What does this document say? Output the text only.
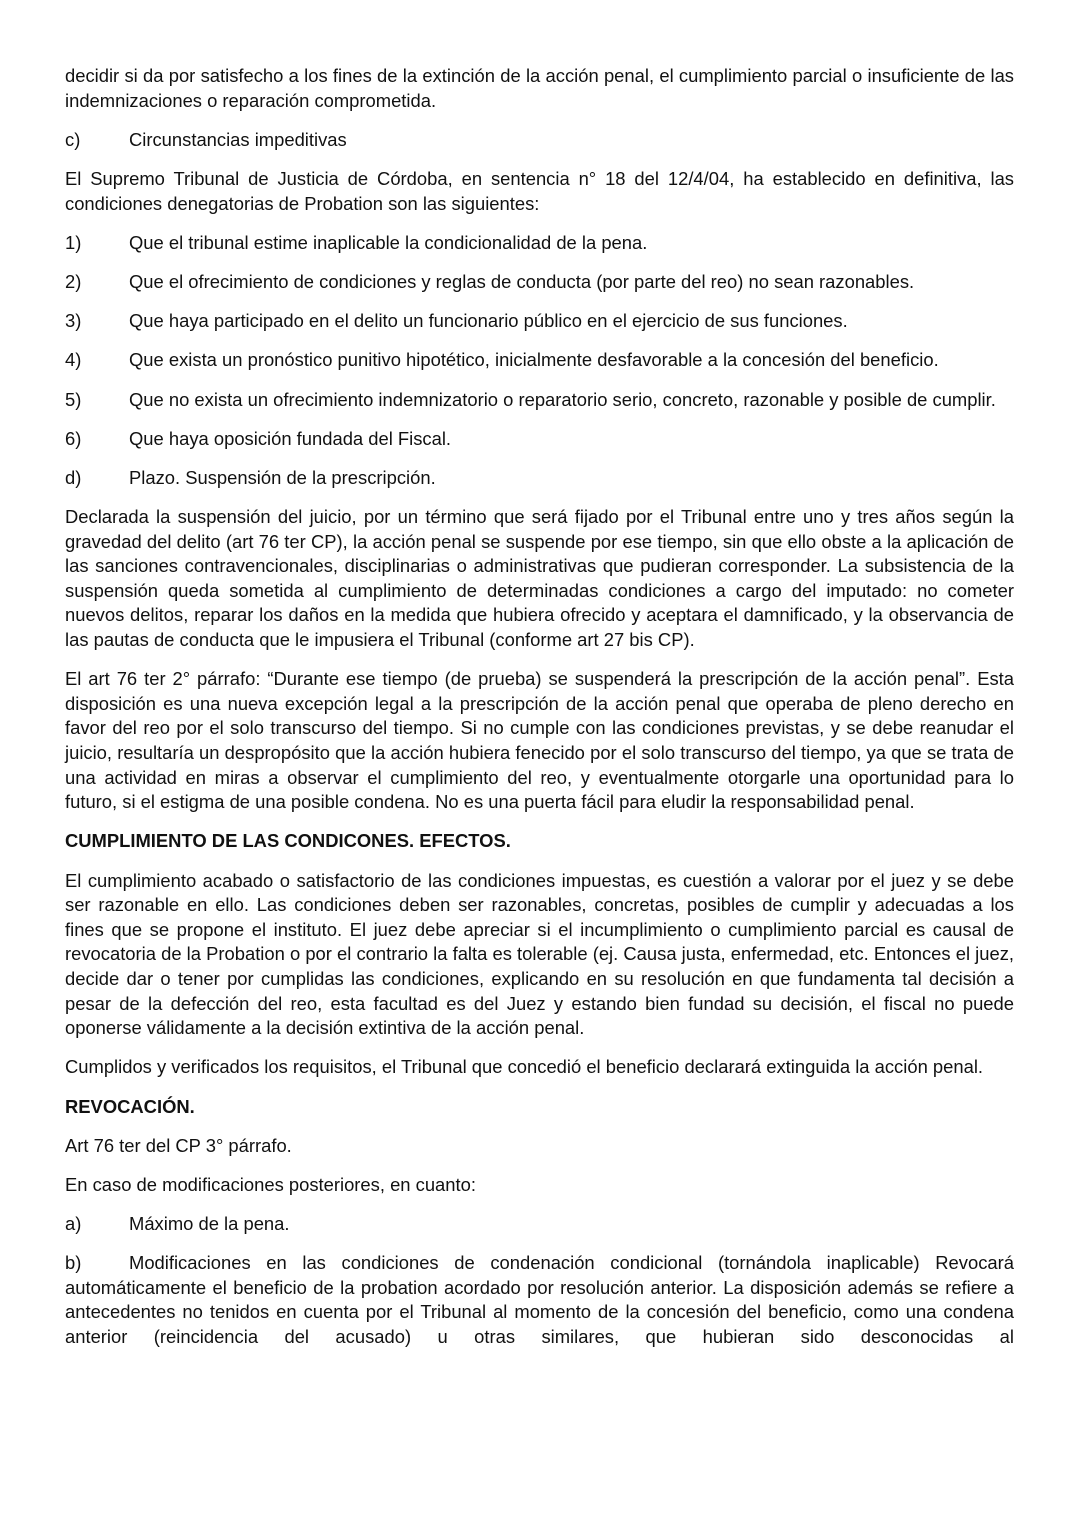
decidir si da por satisfecho a los fines de la extinción de la acción penal, el cumplimiento parcial o insuficiente de las indemnizaciones o reparación comprometida.

c)	Circunstancias impeditivas

El Supremo Tribunal de Justicia de Córdoba, en sentencia n° 18 del 12/4/04, ha establecido en definitiva, las condiciones denegatorias de Probation son las siguientes:

1)	Que el tribunal estime inaplicable la condicionalidad de la pena.

2)	Que el ofrecimiento de condiciones y reglas de conducta (por parte del reo) no sean razonables.

3)	Que haya participado en el delito un funcionario público en el ejercicio de sus funciones.

4)	Que exista un pronóstico punitivo hipotético, inicialmente desfavorable a la concesión del beneficio.

5)	Que no exista un ofrecimiento indemnizatorio o reparatorio serio, concreto, razonable y posible de cumplir.

6)	Que haya oposición fundada del Fiscal.

d)	Plazo. Suspensión de la prescripción.

Declarada la suspensión del juicio, por un término que será fijado por el Tribunal entre uno y tres años según la gravedad del delito (art 76 ter CP), la acción penal se suspende por ese tiempo, sin que ello obste a la aplicación de las sanciones contravencionales, disciplinarias o administrativas que pudieran corresponder. La subsistencia de la suspensión queda sometida al cumplimiento de determinadas condiciones a cargo del imputado: no cometer nuevos delitos, reparar los daños en la medida que hubiera ofrecido y aceptara el damnificado, y la observancia de las pautas de conducta que le impusiera el Tribunal (conforme art 27 bis CP).

El art 76 ter 2° párrafo: “Durante ese tiempo (de prueba) se suspenderá la prescripción de la acción penal”. Esta disposición es una nueva excepción legal a la prescripción de la acción penal que operaba de pleno derecho en favor del reo por el solo transcurso del tiempo. Si no cumple con las condiciones previstas, y se debe reanudar el juicio, resultaría un despropósito que la acción hubiera fenecido por el solo transcurso del tiempo, ya que se trata de una actividad en miras a observar el cumplimiento del reo, y eventualmente otorgarle una oportunidad para lo futuro, si el estigma de una posible condena. No es una puerta fácil para eludir la responsabilidad penal.

CUMPLIMIENTO DE LAS CONDICONES. EFECTOS.

El cumplimiento acabado o satisfactorio de las condiciones impuestas, es cuestión a valorar por el juez y se debe ser razonable en ello. Las condiciones deben ser razonables, concretas, posibles de cumplir y adecuadas a los fines que se propone el instituto. El juez debe apreciar si el incumplimiento o cumplimiento parcial es causal de revocatoria de la Probation o por el contrario la falta es tolerable (ej. Causa justa, enfermedad, etc. Entonces el juez, decide dar o tener por cumplidas las condiciones, explicando en su resolución en que fundamenta tal decisión a pesar de la defección del reo, esta facultad es del Juez y estando bien fundad su decisión, el fiscal no puede oponerse válidamente a la decisión extintiva de la acción penal.

Cumplidos y verificados los requisitos, el Tribunal que concedió el beneficio declarará extinguida la acción penal.

REVOCACIÓN.

Art 76 ter del CP 3° párrafo.

En caso de modificaciones posteriores, en cuanto:

a)	Máximo de la pena.

b)	Modificaciones en las condiciones de condenación condicional (tornándola inaplicable) Revocará automáticamente el beneficio de la probation acordado por resolución anterior. La disposición además se refiere a antecedentes no tenidos en cuenta por el Tribunal al momento de la concesión del beneficio, como una condena anterior (reincidencia del acusado) u otras similares, que hubieran sido desconocidas al
